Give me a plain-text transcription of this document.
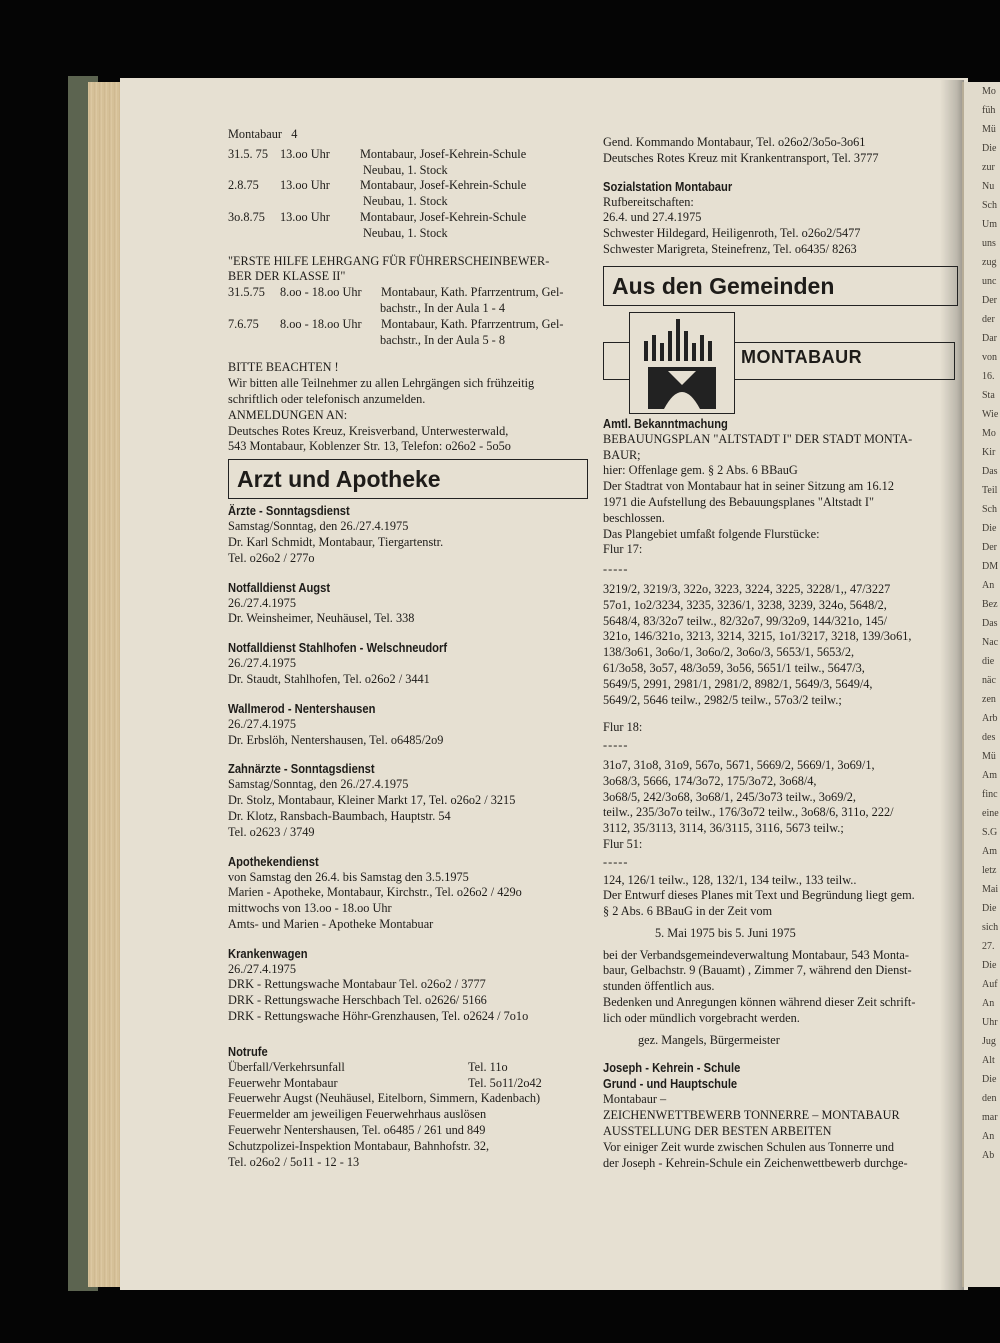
Mo
füh
Mü
Die
zur
Nu
Sch
Um
uns
zug
unc
Der
der
Dar
von
16.
Sta
Wie
Mo
Kir
Das
Teil
Sch
Die
Der
DM
An
Bez
Das
Nac
die
näc
zen
Arb
des
Mü
Am
finc
eine
S.G
Am
letz
Mai
Die
sich
27.
Die
Auf
An
Uhr
Jug
Alt
Die
den
mar
An
Ab
Montabaur 4
31.5. 75 13.oo Uhr	Montabaur, Josef-Kehrein-Schule
Neubau, 1. Stock
2.8.75	13.oo Uhr	Montabaur, Josef-Kehrein-Schule
Neubau, 1. Stock
3o.8.75	13.oo Uhr	Montabaur, Josef-Kehrein-Schule
Neubau, 1. Stock
"ERSTE HILFE LEHRGANG FÜR FÜHRERSCHEINBEWER-
BER DER KLASSE II"
31.5.75	8.oo - 18.oo Uhr	Montabaur, Kath. Pfarrzentrum, Gel-
bachstr., In der Aula 1 - 4
7.6.75	8.oo - 18.oo Uhr	Montabaur, Kath. Pfarrzentrum, Gel-
bachstr., In der Aula 5 - 8
BITTE BEACHTEN !
Wir bitten alle Teilnehmer zu allen Lehrgängen sich frühzeitig
schriftlich oder telefonisch anzumelden.
ANMELDUNGEN AN:
Deutsches Rotes Kreuz, Kreisverband, Unterwesterwald,
543 Montabaur, Koblenzer Str. 13, Telefon: o26o2 - 5o5o
Arzt und Apotheke
Ärzte - Sonntagsdienst
Samstag/Sonntag, den 26./27.4.1975
Dr. Karl Schmidt, Montabaur, Tiergartenstr.
Tel. o26o2 / 277o
Notfalldienst Augst
26./27.4.1975
Dr. Weinsheimer, Neuhäusel, Tel. 338
Notfalldienst Stahlhofen - Welschneudorf
26./27.4.1975
Dr. Staudt, Stahlhofen, Tel. o26o2 / 3441
Wallmerod - Nentershausen
26./27.4.1975
Dr. Erbslöh, Nentershausen, Tel. o6485/2o9
Zahnärzte - Sonntagsdienst
Samstag/Sonntag, den 26./27.4.1975
Dr. Stolz, Montabaur, Kleiner Markt 17, Tel. o26o2 / 3215
Dr. Klotz, Ransbach-Baumbach, Hauptstr. 54
Tel. o2623 / 3749
Apothekendienst
von Samstag den 26.4. bis Samstag den 3.5.1975
Marien - Apotheke, Montabaur, Kirchstr., Tel. o26o2 / 429o
mittwochs von 13.oo - 18.oo Uhr
Amts- und Marien - Apotheke Montabuar
Krankenwagen
26./27.4.1975
DRK - Rettungswache Montabaur Tel. o26o2 / 3777
DRK - Rettungswache Herschbach Tel. o2626/ 5166
DRK - Rettungswache Höhr-Grenzhausen, Tel. o2624 / 7o1o
Notrufe
Überfall/Verkehrsunfall	Tel. 11o
Feuerwehr Montabaur	Tel. 5o11/2o42
Feuerwehr Augst (Neuhäusel, Eitelborn, Simmern, Kadenbach)
Feuermelder am jeweiligen Feuerwehrhaus auslösen
Feuerwehr Nentershausen, Tel. o6485 / 261 und 849
Schutzpolizei-Inspektion Montabaur, Bahnhofstr. 32,
Tel. o26o2 / 5o11 - 12 - 13
Gend. Kommando Montabaur, Tel. o26o2/3o5o-3o61
Deutsches Rotes Kreuz mit Krankentransport, Tel. 3777
Sozialstation Montabaur
Rufbereitschaften:
26.4. und 27.4.1975
Schwester Hildegard, Heiligenroth, Tel. o26o2/5477
Schwester Marigreta, Steinefrenz, Tel. o6435/ 8263
Aus den Gemeinden
MONTABAUR
Amtl. Bekanntmachung
BEBAUUNGSPLAN "ALTSTADT I" DER STADT MONTA-
BAUR;
hier: Offenlage gem. § 2 Abs. 6 BBauG
Der Stadtrat von Montabaur hat in seiner Sitzung am 16.12
1971 die Aufstellung des Bebauungsplanes "Altstadt I"
beschlossen.
Das Plangebiet umfaßt folgende Flurstücke:
Flur 17:
-----
3219/2, 3219/3, 322o, 3223, 3224, 3225, 3228/1,, 47/3227
57o1, 1o2/3234, 3235, 3236/1, 3238, 3239, 324o, 5648/2,
5648/4, 83/32o7 teilw., 82/32o7, 99/32o9, 144/321o, 145/
321o, 146/321o, 3213, 3214, 3215, 1o1/3217, 3218, 139/3o61,
138/3o61, 3o6o/1, 3o6o/2, 3o6o/3, 5653/1, 5653/2,
61/3o58, 3o57, 48/3o59, 3o56, 5651/1 teilw., 5647/3,
5649/5, 2991, 2981/1, 2981/2, 8982/1, 5649/3, 5649/4,
5649/2, 5646 teilw., 2982/5 teilw., 57o3/2 teilw.;
Flur 18:
-----
31o7, 31o8, 31o9, 567o, 5671, 5669/2, 5669/1, 3o69/1,
3o68/3, 5666, 174/3o72, 175/3o72, 3o68/4,
3o68/5, 242/3o68, 3o68/1, 245/3o73 teilw., 3o69/2,
teilw., 235/3o7o teilw., 176/3o72 teilw., 3o68/6, 311o, 222/
3112, 35/3113, 3114, 36/3115, 3116, 5673 teilw.;
Flur 51:
-----
124, 126/1 teilw., 128, 132/1, 134 teilw., 133 teilw..
Der Entwurf dieses Planes mit Text und Begründung liegt gem.
§ 2 Abs. 6 BBauG in der Zeit vom
5. Mai 1975 bis 5. Juni 1975
bei der Verbandsgemeindeverwaltung Montabaur, 543 Monta-
baur, Gelbachstr. 9 (Bauamt) , Zimmer 7, während den Dienst-
stunden öffentlich aus.
Bedenken und Anregungen können während dieser Zeit schrift-
lich oder mündlich vorgebracht werden.
gez. Mangels, Bürgermeister
Joseph - Kehrein - Schule
Grund - und Hauptschule
Montabaur –
ZEICHENWETTBEWERB TONNERRE – MONTABAUR
AUSSTELLUNG DER BESTEN ARBEITEN
Vor einiger Zeit wurde zwischen Schulen aus Tonnerre und
der Joseph - Kehrein-Schule ein Zeichenwettbewerb durchge-
